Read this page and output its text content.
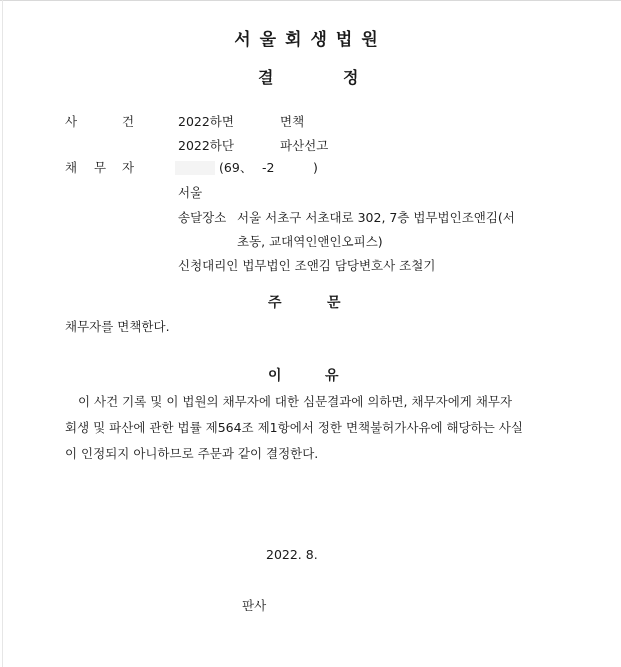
서울회생법원
결	정
사	건	2022하면	면책
2022하단	파산선고
채 무 자	(69 、 -2	)
서울
송달장소 서울 서초구 서초대로 302, 7층 법무법인조앤김(서
초동, 교대역인앤인오피스)
신청대리인 법무법인 조앤김 담당변호사 조철기
주	문
채무자를 면책한다.
이	유
이 사건 기록 및 이 법원의 채무자에 대한 심문결과에 의하면, 채무자에게 채무자
회생 및 파산에 관한 법률 제564조 제1항에서 정한 면책불허가사유에 해당하는 사실
이 인정되지 아니하므로 주문과 같이 결정한다.
2022. 8.
판사
